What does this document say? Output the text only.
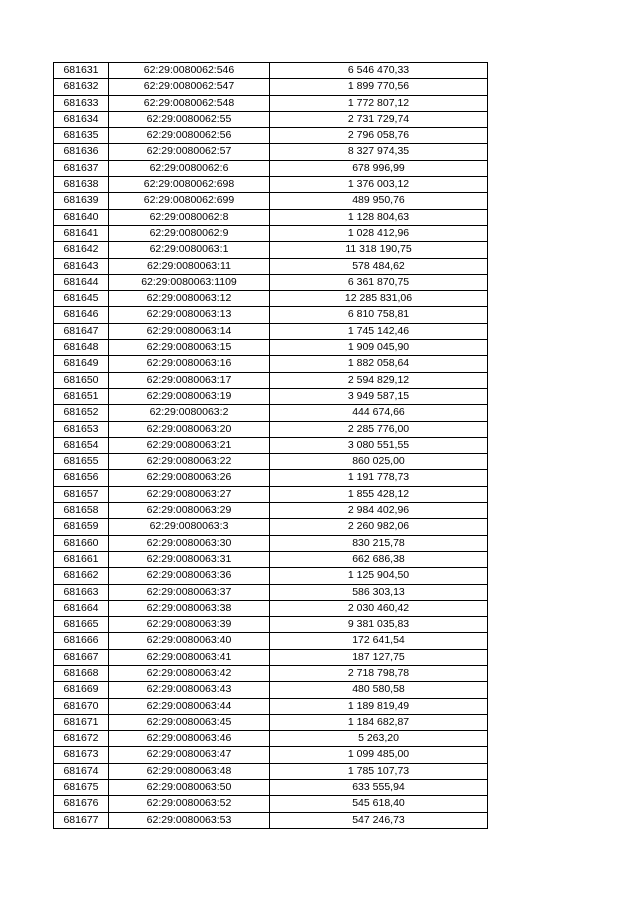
681631	62:29:0080062:546	6 546 470,33
681632	62:29:0080062:547	1 899 770,56
681633	62:29:0080062:548	1 772 807,12
681634	62:29:0080062:55	2 731 729,74
681635	62:29:0080062:56	2 796 058,76
681636	62:29:0080062:57	8 327 974,35
681637	62:29:0080062:6	678 996,99
681638	62:29:0080062:698	1 376 003,12
681639	62:29:0080062:699	489 950,76
681640	62:29:0080062:8	1 128 804,63
681641	62:29:0080062:9	1 028 412,96
681642	62:29:0080063:1	11 318 190,75
681643	62:29:0080063:11	578 484,62
681644	62:29:0080063:1109	6 361 870,75
681645	62:29:0080063:12	12 285 831,06
681646	62:29:0080063:13	6 810 758,81
681647	62:29:0080063:14	1 745 142,46
681648	62:29:0080063:15	1 909 045,90
681649	62:29:0080063:16	1 882 058,64
681650	62:29:0080063:17	2 594 829,12
681651	62:29:0080063:19	3 949 587,15
681652	62:29:0080063:2	444 674,66
681653	62:29:0080063:20	2 285 776,00
681654	62:29:0080063:21	3 080 551,55
681655	62:29:0080063:22	860 025,00
681656	62:29:0080063:26	1 191 778,73
681657	62:29:0080063:27	1 855 428,12
681658	62:29:0080063:29	2 984 402,96
681659	62:29:0080063:3	2 260 982,06
681660	62:29:0080063:30	830 215,78
681661	62:29:0080063:31	662 686,38
681662	62:29:0080063:36	1 125 904,50
681663	62:29:0080063:37	586 303,13
681664	62:29:0080063:38	2 030 460,42
681665	62:29:0080063:39	9 381 035,83
681666	62:29:0080063:40	172 641,54
681667	62:29:0080063:41	187 127,75
681668	62:29:0080063:42	2 718 798,78
681669	62:29:0080063:43	480 580,58
681670	62:29:0080063:44	1 189 819,49
681671	62:29:0080063:45	1 184 682,87
681672	62:29:0080063:46	5 263,20
681673	62:29:0080063:47	1 099 485,00
681674	62:29:0080063:48	1 785 107,73
681675	62:29:0080063:50	633 555,94
681676	62:29:0080063:52	545 618,40
681677	62:29:0080063:53	547 246,73
